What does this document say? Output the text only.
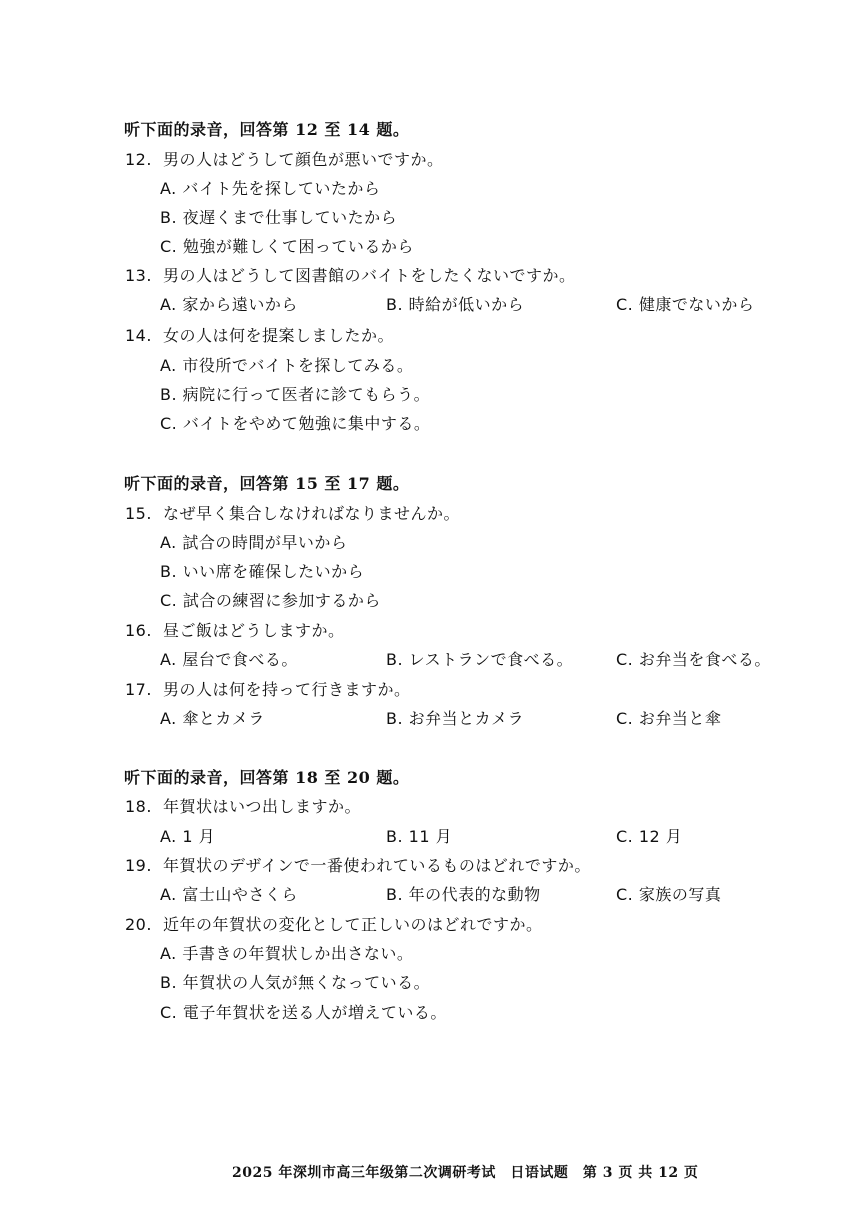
听下面的录音，回答第 12 至 14 题。
12. 男の人はどうして顔色が悪いですか。
A. バイト先を探していたから
B. 夜遅くまで仕事していたから
C. 勉強が難しくて困っているから
13. 男の人はどうして図書館のバイトをしたくないですか。
A. 家から遠いから	B. 時給が低いから	C. 健康でないから
14. 女の人は何を提案しましたか。
A. 市役所でバイトを探してみる。
B. 病院に行って医者に診てもらう。
C. バイトをやめて勉強に集中する。
听下面的录音，回答第 15 至 17 题。
15. なぜ早く集合しなければなりませんか。
A. 試合の時間が早いから
B. いい席を確保したいから
C. 試合の練習に参加するから
16. 昼ご飯はどうしますか。
A. 屋台で食べる。	B. レストランで食べる。	C. お弁当を食べる。
17. 男の人は何を持って行きますか。
A. 傘とカメラ	B. お弁当とカメラ	C. お弁当と傘
听下面的录音，回答第 18 至 20 题。
18. 年賀状はいつ出しますか。
A. 1 月	B. 11 月	C. 12 月
19. 年賀状のデザインで一番使われているものはどれですか。
A. 富士山やさくら	B. 年の代表的な動物	C. 家族の写真
20. 近年の年賀状の変化として正しいのはどれですか。
A. 手書きの年賀状しか出さない。
B. 年賀状の人気が無くなっている。
C. 電子年賀状を送る人が増えている。
2025 年深圳市高三年级第二次调研考试　日语试题　第 3 页 共 12 页
